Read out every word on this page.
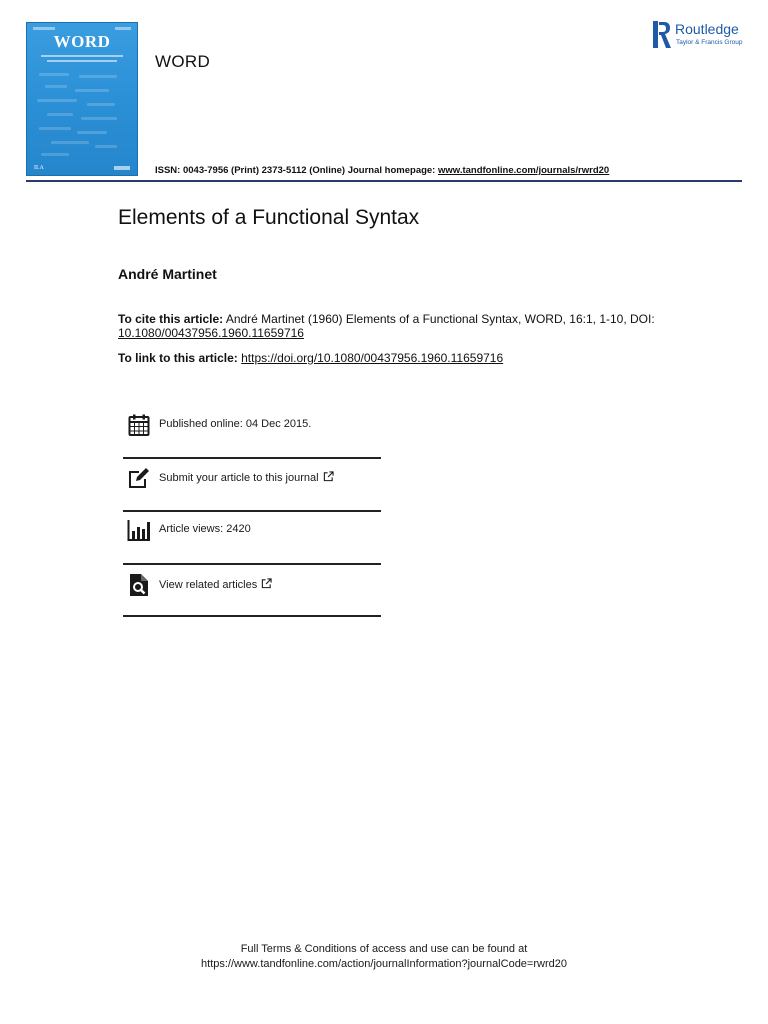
WORD
II.A
WORD
ISSN: 0043-7956 (Print) 2373-5112 (Online) Journal homepage: www.tandfonline.com/journals/rwrd20
Routledge
Taylor & Francis Group
Elements of a Functional Syntax
André Martinet
To cite this article: André Martinet (1960) Elements of a Functional Syntax, WORD, 16:1, 1-10, DOI: 10.1080/00437956.1960.11659716
To link to this article: https://doi.org/10.1080/00437956.1960.11659716
Published online: 04 Dec 2015.
Submit your article to this journal
Article views: 2420
View related articles
Full Terms & Conditions of access and use can be found at
https://www.tandfonline.com/action/journalInformation?journalCode=rwrd20
